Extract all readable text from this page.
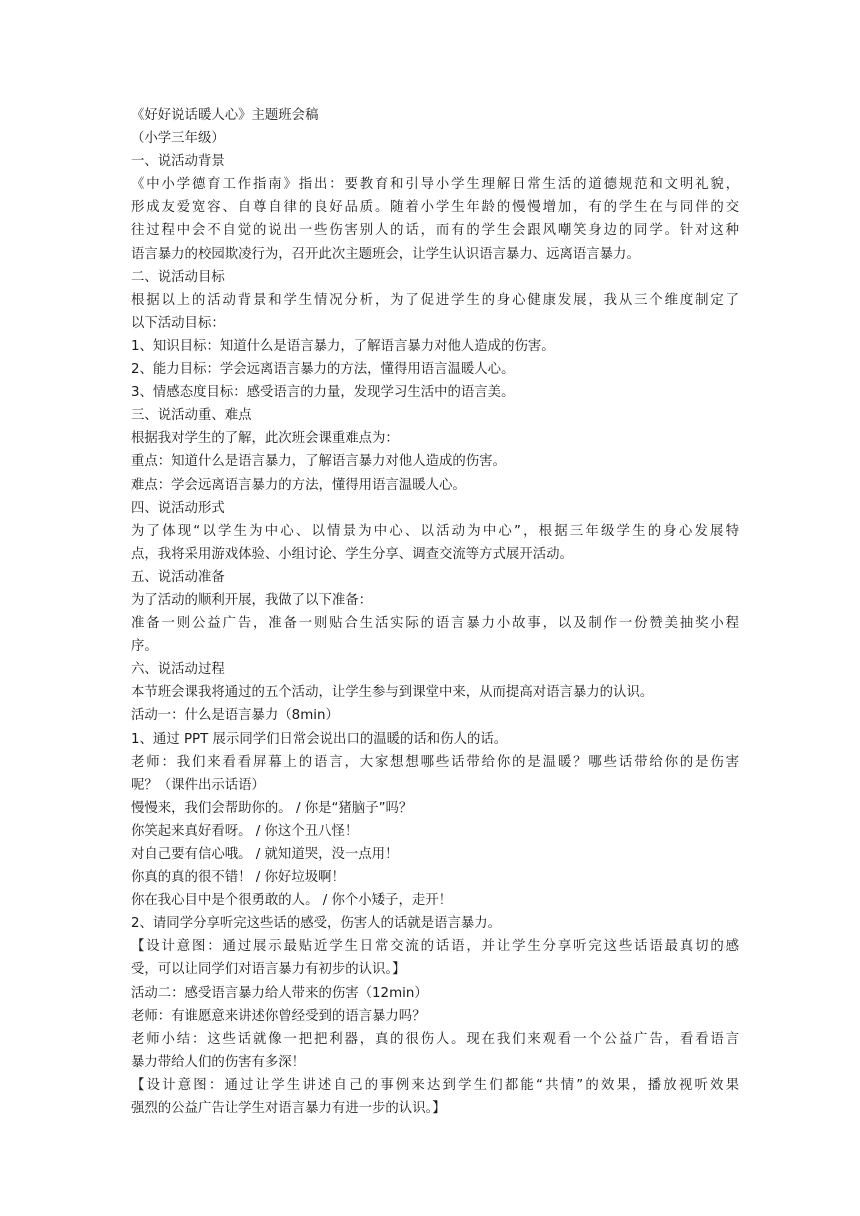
《好好说话暖人心》主题班会稿
（小学三年级）
一、说活动背景
《中小学德育工作指南》指出：要教育和引导小学生理解日常生活的道德规范和文明礼貌，
形成友爱宽容、自尊自律的良好品质。随着小学生年龄的慢慢增加，有的学生在与同伴的交
往过程中会不自觉的说出一些伤害别人的话，而有的学生会跟风嘲笑身边的同学。针对这种
语言暴力的校园欺凌行为，召开此次主题班会，让学生认识语言暴力、远离语言暴力。
二、说活动目标
根据以上的活动背景和学生情况分析，为了促进学生的身心健康发展，我从三个维度制定了
以下活动目标：
1、知识目标：知道什么是语言暴力，了解语言暴力对他人造成的伤害。
2、能力目标：学会远离语言暴力的方法，懂得用语言温暖人心。
3、情感态度目标：感受语言的力量，发现学习生活中的语言美。
三、说活动重、难点
根据我对学生的了解，此次班会课重难点为：
重点：知道什么是语言暴力，了解语言暴力对他人造成的伤害。
难点：学会远离语言暴力的方法，懂得用语言温暖人心。
四、说活动形式
为了体现“以学生为中心、以情景为中心、以活动为中心”，根据三年级学生的身心发展特
点，我将采用游戏体验、小组讨论、学生分享、调查交流等方式展开活动。
五、说活动准备
为了活动的顺利开展，我做了以下准备：
准备一则公益广告，准备一则贴合生活实际的语言暴力小故事，以及制作一份赞美抽奖小程
序。
六、说活动过程
本节班会课我将通过的五个活动，让学生参与到课堂中来，从而提高对语言暴力的认识。
活动一：什么是语言暴力（8min）
1、通过 PPT 展示同学们日常会说出口的温暖的话和伤人的话。
老师：我们来看看屏幕上的语言，大家想想哪些话带给你的是温暖？哪些话带给你的是伤害
呢？（课件出示话语）
慢慢来，我们会帮助你的。 / 你是“猪脑子”吗？
你笑起来真好看呀。 / 你这个丑八怪！
对自己要有信心哦。 / 就知道哭，没一点用！
你真的真的很不错！ / 你好垃圾啊！
你在我心目中是个很勇敢的人。 / 你个小矮子，走开！
2、请同学分享听完这些话的感受，伤害人的话就是语言暴力。
【设计意图：通过展示最贴近学生日常交流的话语，并让学生分享听完这些话语最真切的感
受，可以让同学们对语言暴力有初步的认识。】
活动二：感受语言暴力给人带来的伤害（12min）
老师：有谁愿意来讲述你曾经受到的语言暴力吗？
老师小结：这些话就像一把把利器，真的很伤人。现在我们来观看一个公益广告，看看语言
暴力带给人们的伤害有多深！
【设计意图：通过让学生讲述自己的事例来达到学生们都能“共情”的效果，播放视听效果
强烈的公益广告让学生对语言暴力有进一步的认识。】
